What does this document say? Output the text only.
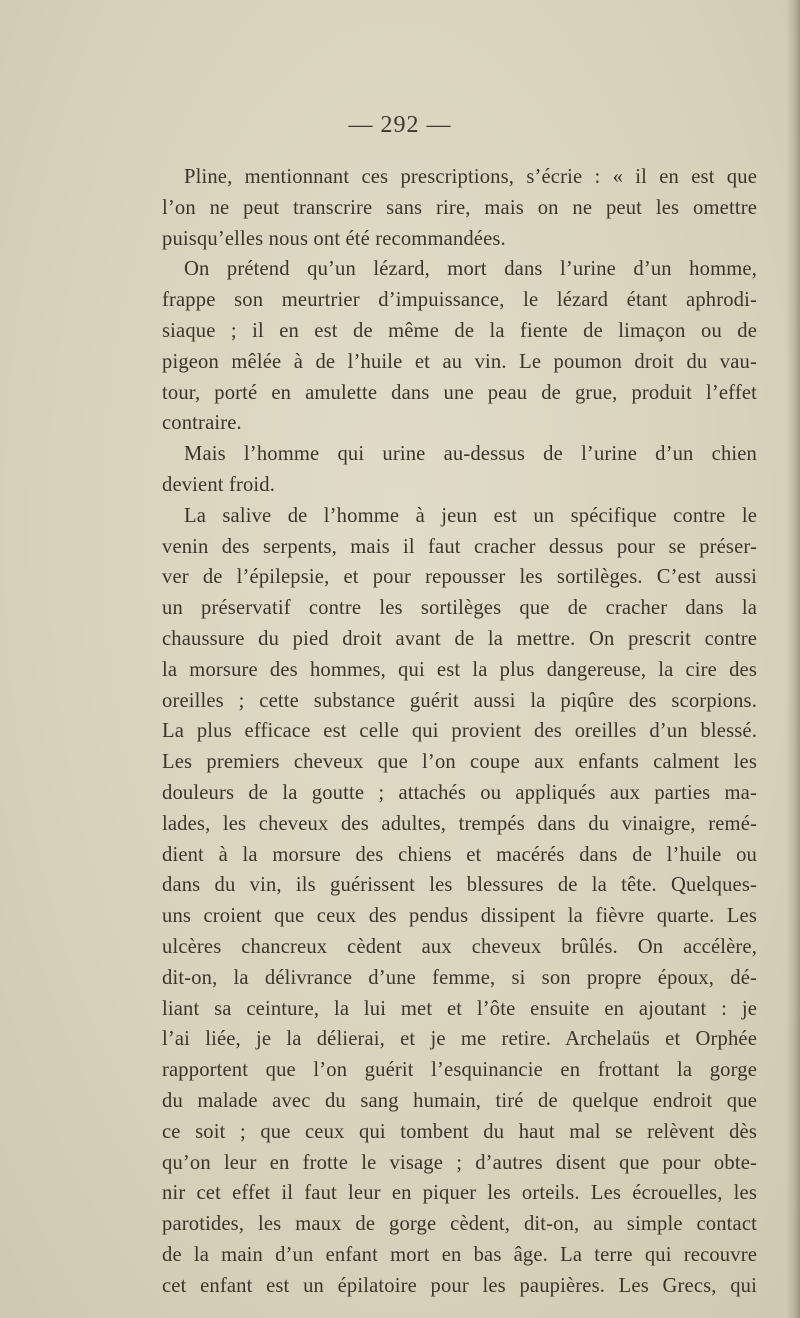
— 292 —
Pline, mentionnant ces prescriptions, s’écrie : « il en est que
l’on ne peut transcrire sans rire, mais on ne peut les omettre
puisqu’elles nous ont été recommandées.
On prétend qu’un lézard, mort dans l’urine d’un homme,
frappe son meurtrier d’impuissance, le lézard étant aphrodi-
siaque ; il en est de même de la fiente de limaçon ou de
pigeon mêlée à de l’huile et au vin. Le poumon droit du vau-
tour, porté en amulette dans une peau de grue, produit l’effet
contraire.
Mais l’homme qui urine au-dessus de l’urine d’un chien
devient froid.
La salive de l’homme à jeun est un spécifique contre le
venin des serpents, mais il faut cracher dessus pour se préser-
ver de l’épilepsie, et pour repousser les sortilèges. C’est aussi
un préservatif contre les sortilèges que de cracher dans la
chaussure du pied droit avant de la mettre. On prescrit contre
la morsure des hommes, qui est la plus dangereuse, la cire des
oreilles ; cette substance guérit aussi la piqûre des scorpions.
La plus efficace est celle qui provient des oreilles d’un blessé.
Les premiers cheveux que l’on coupe aux enfants calment les
douleurs de la goutte ; attachés ou appliqués aux parties ma-
lades, les cheveux des adultes, trempés dans du vinaigre, remé-
dient à la morsure des chiens et macérés dans de l’huile ou
dans du vin, ils guérissent les blessures de la tête. Quelques-
uns croient que ceux des pendus dissipent la fièvre quarte. Les
ulcères chancreux cèdent aux cheveux brûlés. On accélère,
dit-on, la délivrance d’une femme, si son propre époux, dé-
liant sa ceinture, la lui met et l’ôte ensuite en ajoutant : je
l’ai liée, je la délierai, et je me retire. Archelaüs et Orphée
rapportent que l’on guérit l’esquinancie en frottant la gorge
du malade avec du sang humain, tiré de quelque endroit que
ce soit ; que ceux qui tombent du haut mal se relèvent dès
qu’on leur en frotte le visage ; d’autres disent que pour obte-
nir cet effet il faut leur en piquer les orteils. Les écrouelles, les
parotides, les maux de gorge cèdent, dit-on, au simple contact
de la main d’un enfant mort en bas âge. La terre qui recouvre
cet enfant est un épilatoire pour les paupières. Les Grecs, qui
